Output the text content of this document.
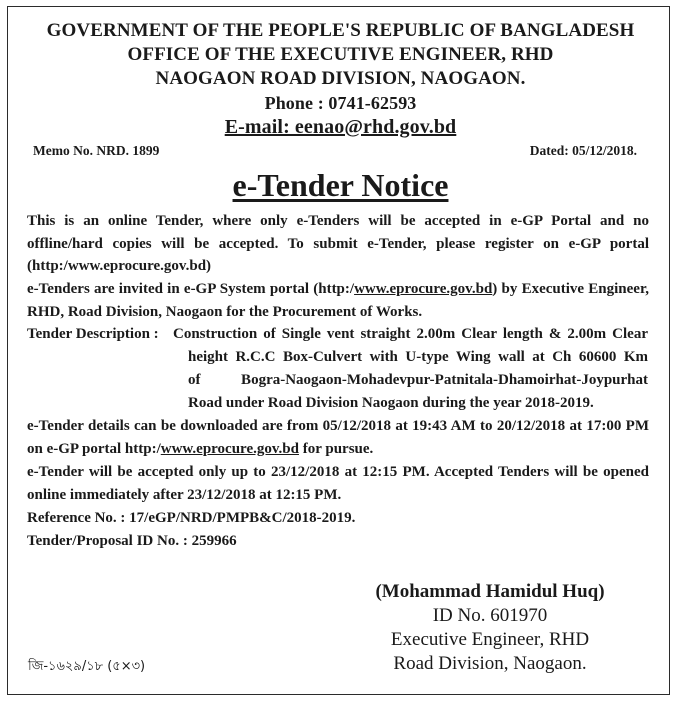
GOVERNMENT OF THE PEOPLE'S REPUBLIC OF BANGLADESH
OFFICE OF THE EXECUTIVE ENGINEER, RHD
NAOGAON ROAD DIVISION, NAOGAON.
Phone : 0741-62593
E-mail: eenao@rhd.gov.bd
Memo No. NRD. 1899	Dated: 05/12/2018.
e-Tender Notice
This is an online Tender, where only e-Tenders will be accepted in e-GP Portal and no offline/hard copies will be accepted. To submit e-Tender, please register on e-GP portal (http:/www.eprocure.gov.bd)
e-Tenders are invited in e-GP System portal (http:/www.eprocure.gov.bd) by Executive Engineer, RHD, Road Division, Naogaon for the Procurement of Works.
Tender Description : Construction of Single vent straight 2.00m Clear length & 2.00m Clear
height R.C.C Box-Culvert with U-type Wing wall at Ch 60600 Km
of Bogra-Naogaon-Mohadevpur-Patnitala-Dhamoirhat-Joypurhat
Road under Road Division Naogaon during the year 2018-2019.
e-Tender details can be downloaded are from 05/12/2018 at 19:43 AM to 20/12/2018 at 17:00 PM on e-GP portal http:/www.eprocure.gov.bd for pursue.
e-Tender will be accepted only up to 23/12/2018 at 12:15 PM. Accepted Tenders will be opened online immediately after 23/12/2018 at 12:15 PM.
Reference No. : 17/eGP/NRD/PMPB&C/2018-2019.
Tender/Proposal ID No. : 259966
(Mohammad Hamidul Huq)
ID No. 601970
Executive Engineer, RHD
Road Division, Naogaon.
জি-১৬২৯/১৮ (৫×৩)
